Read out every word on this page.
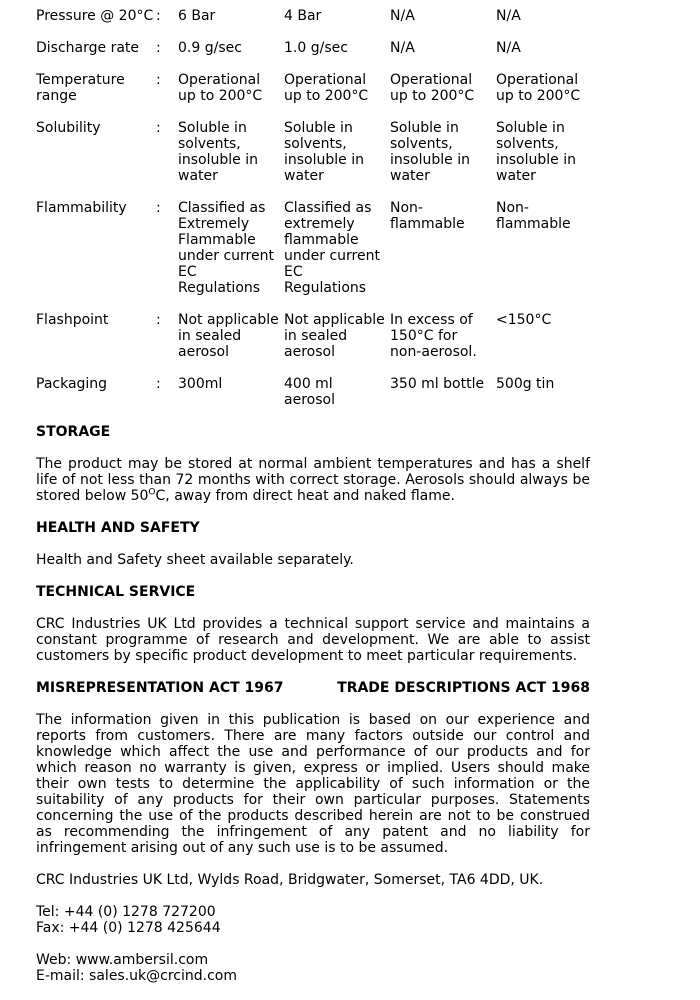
Pressure @ 20°C	:	6 Bar	4 Bar	N/A	N/A
Discharge rate	:	0.9 g/sec	1.0 g/sec	N/A	N/A
Temperature range	:	Operational up to 200°C	Operational up to 200°C	Operational up to 200°C	Operational up to 200°C
Solubility	:	Soluble in solvents, insoluble in water	Soluble in solvents, insoluble in water	Soluble in solvents, insoluble in water	Soluble in solvents, insoluble in water
Flammability	:	Classified as Extremely Flammable under current EC Regulations	Classified as extremely flammable under current EC Regulations	Non-flammable	Non-flammable
Flashpoint	:	Not applicable in sealed aerosol	Not applicable in sealed aerosol	In excess of 150°C for non-aerosol.	<150°C
Packaging	:	300ml	400 ml aerosol	350 ml bottle	500g tin
STORAGE

The product may be stored at normal ambient temperatures and has a shelf life of not less than 72 months with correct storage. Aerosols should always be stored below $50^OC$, away from direct heat and naked flame.

HEALTH AND SAFETY

Health and Safety sheet available separately.

TECHNICAL SERVICE

CRC Industries UK Ltd provides a technical support service and maintains a constant programme of research and development. We are able to assist customers by specific product development to meet particular requirements.

MISREPRESENTATION ACT 1967	TRADE DESCRIPTIONS ACT 1968

The information given in this publication is based on our experience and reports from customers. There are many factors outside our control and knowledge which affect the use and performance of our products and for which reason no warranty is given, express or implied. Users should make their own tests to determine the applicability of such information or the suitability of any products for their own particular purposes. Statements concerning the use of the products described herein are not to be construed as recommending the infringement of any patent and no liability for infringement arising out of any such use is to be assumed.

CRC Industries UK Ltd, Wylds Road, Bridgwater, Somerset, TA6 4DD, UK.
Tel: +44 (0) 1278 727200
Fax: +44 (0) 1278 425644
Web: www.ambersil.com
E-mail: sales.uk@crcind.com
